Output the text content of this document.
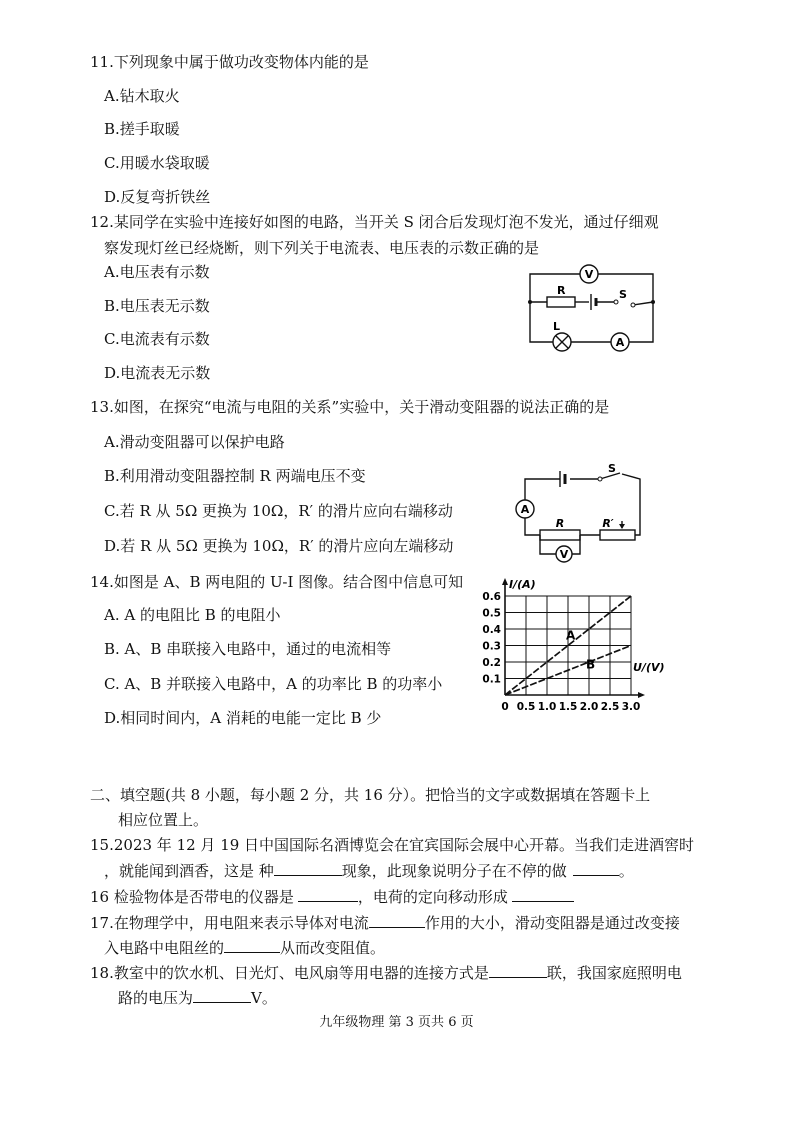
11.下列现象中属于做功改变物体内能的是
A.钻木取火
B.搓手取暖
C.用暖水袋取暖
D.反复弯折铁丝
12.某同学在实验中连接好如图的电路，当开关 S 闭合后发现灯泡不发光，通过仔细观
察发现灯丝已经烧断，则下列关于电流表、电压表的示数正确的是
A.电压表有示数
B.电压表无示数
C.电流表有示数
D.电流表无示数
V
R	S
L
A
13.如图，在探究“电流与电阻的关系”实验中，关于滑动变阻器的说法正确的是
A.滑动变阻器可以保护电路
B.利用滑动变阻器控制 R 两端电压不变
C.若 R 从 5Ω 更换为 10Ω，R′ 的滑片应向右端移动
D.若 R 从 5Ω 更换为 10Ω，R′ 的滑片应向左端移动
S
A
R	R′
V
14.如图是 A、B 两电阻的 U-I 图像。结合图中信息可知
A. A 的电阻比 B 的电阻小
B. A、B 串联接入电路中，通过的电流相等
C. A、B 并联接入电路中，A 的功率比 B 的功率小
D.相同时间内，A 消耗的电能一定比 B 少
0 0.5 1.0 1.5 2.0 2.5 3.0
0.1
0.2
0.3
0.4
0.5
0.6
I/(A)
U/(V)
A
B
二、填空题(共 8 小题，每小题 2 分，共 16 分）。把恰当的文字或数据填在答题卡上
相应位置上。
15.2023 年 12 月 19 日中国国际名酒博览会在宜宾国际会展中心开幕。当我们走进酒窖时
，就能闻到酒香，这是 种	现象，此现象说明分子在不停的做	。
16 检验物体是否带电的仪器是	，电荷的定向移动形成
17.在物理学中，用电阻来表示导体对电流	作用的大小，滑动变阻器是通过改变接
入电路中电阻丝的	从而改变阻值。
18.教室中的饮水机、日光灯、电风扇等用电器的连接方式是	联，我国家庭照明电
路的电压为	V。
九年级物理 第 3 页共 6 页
